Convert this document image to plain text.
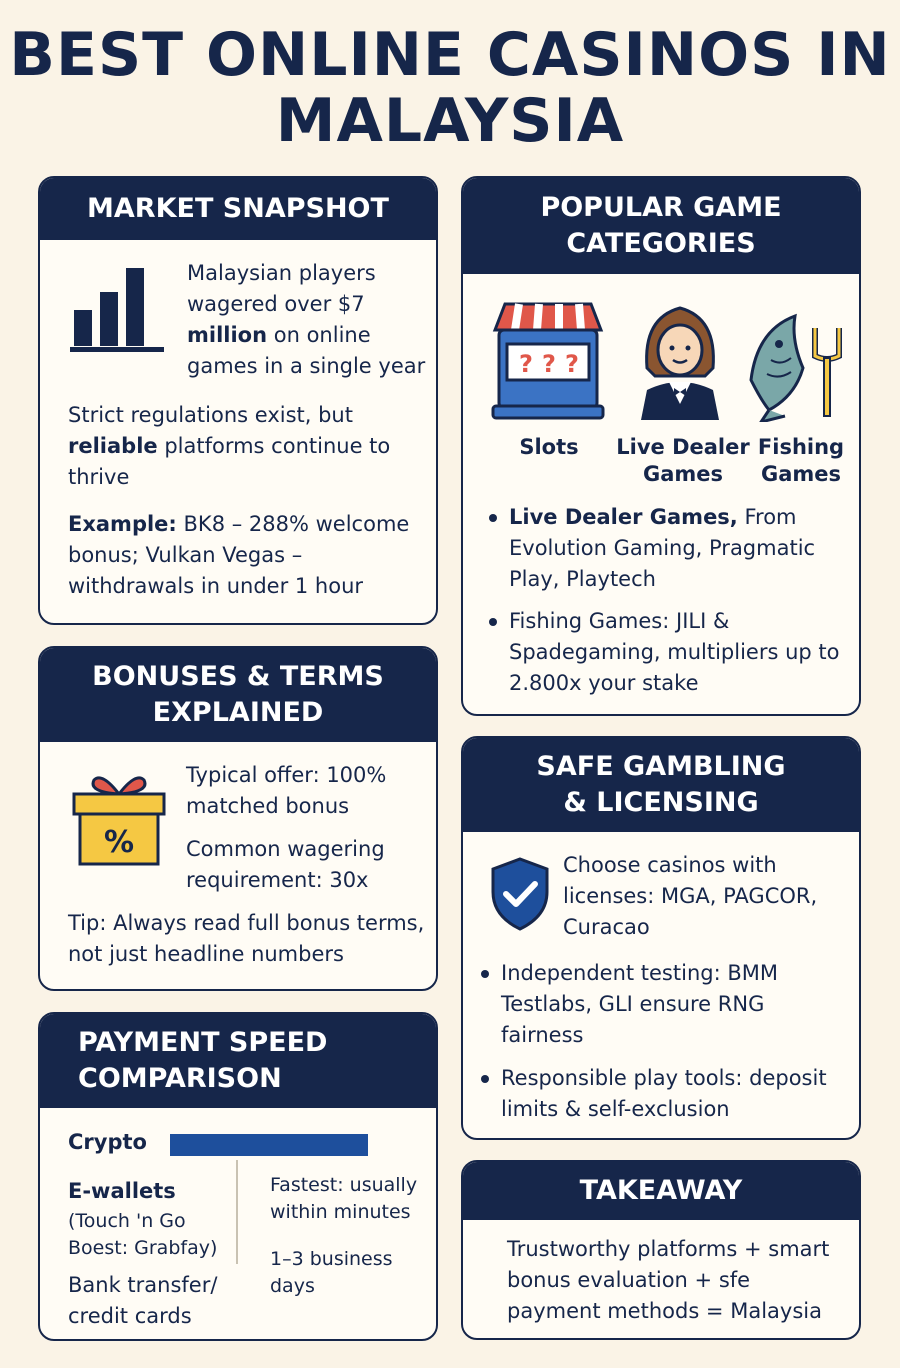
BEST ONLINE CASINOS IN MALAYSIA
MARKET SNAPSHOT
Malaysian players wagered over $7 million on online games in a single year
Strict regulations exist, but reliable platforms continue to thrive
Example: BK8 – 288% welcome bonus; Vulkan Vegas – withdrawals in under 1 hour
POPULAR GAME CATEGORIES
? ? ?
Slots	Live Dealer Games
Fishing Games
Live Dealer Games, From Evolution Gaming, Pragmatic Play, Playtech
Fishing Games: JILI & Spadegaming, multipliers up to 2.800x your stake
BONUSES & TERMS EXPLAINED
%
Typical offer: 100% matched bonus
Common wagering requirement: 30x
Tip: Always read full bonus terms, not just headline numbers
SAFE GAMBLING & LICENSING
Choose casinos with licenses: MGA, PAGCOR, Curacao
Independent testing: BMM Testlabs, GLI ensure RNG fairness
Responsible play tools: deposit limits & self-exclusion
PAYMENT SPEED COMPARISON
Crypto
E-wallets
(Touch 'n Go Boest: Grabfay)
Bank transfer/ credit cards
Fastest: usually within minutes
1–3 business days
TAKEAWAY
Trustworthy platforms + smart bonus evaluation + sfe payment methods = Malaysia
